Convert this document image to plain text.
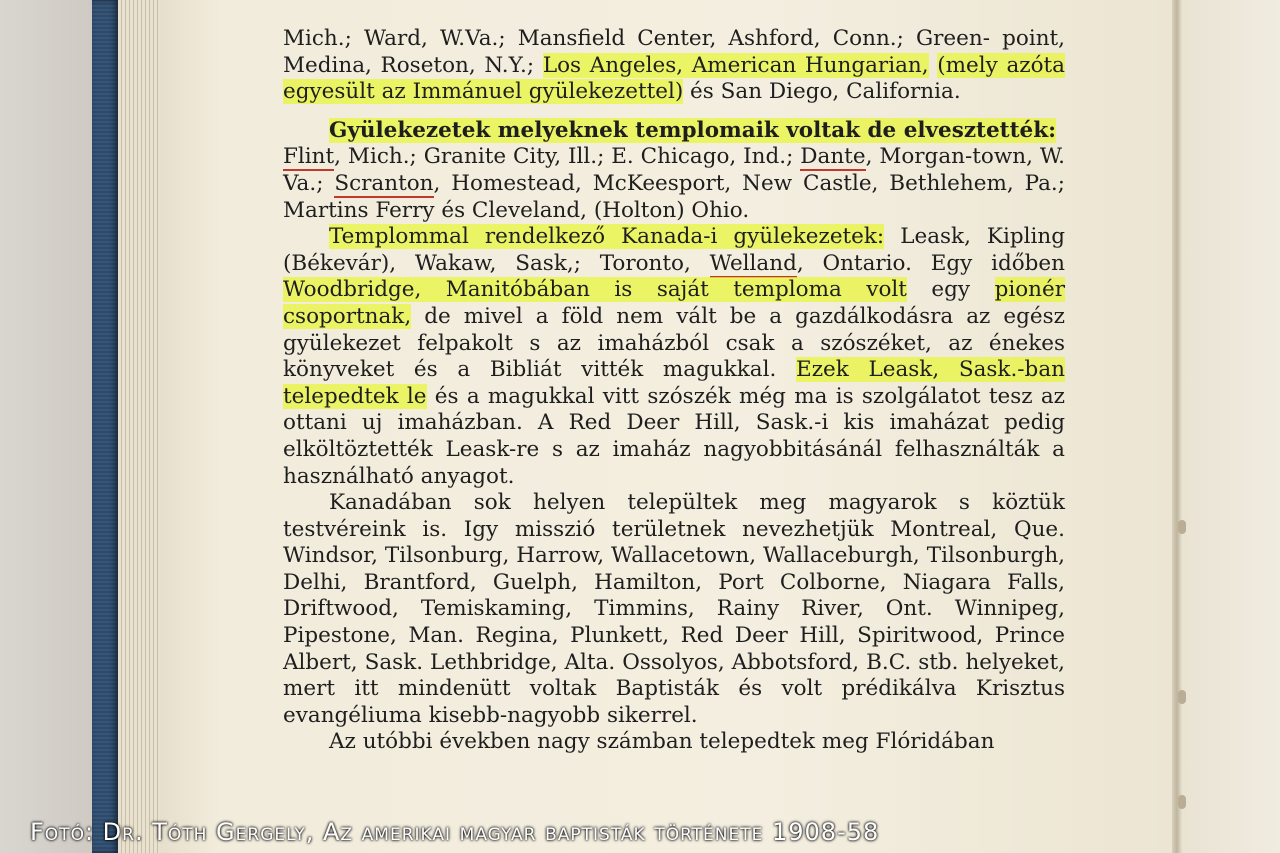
Mich.; Ward, W.Va.; Mansfield Center, Ashford, Conn.; Green- point, Medina, Roseton, N.Y.; Los Angeles, American Hungarian, (mely azóta egyesült az Immánuel gyülekezettel) és San Diego, California.

Gyülekezetek melyeknek templomaik voltak de elvesztették:

Flint, Mich.; Granite City, Ill.; E. Chicago, Ind.; Dante, Morgan-town, W. Va.; Scranton, Homestead, McKeesport, New Castle, Bethlehem, Pa.; Martins Ferry és Cleveland, (Holton) Ohio.

Templommal rendelkező Kanada-i gyülekezetek: Leask, Kipling (Békevár), Wakaw, Sask,; Toronto, Welland, Ontario. Egy időben Woodbridge, Manitóbában is saját temploma volt egy pionér csoportnak, de mivel a föld nem vált be a gazdálkodásra az egész gyülekezet felpakolt s az imaházból csak a szószéket, az énekes könyveket és a Bibliát vitték magukkal. Ezek Leask, Sask.-ban telepedtek le és a magukkal vitt szószék még ma is szolgálatot tesz az ottani uj imaházban. A Red Deer Hill, Sask.-i kis imaházat pedig elköltöztették Leask-re s az imaház nagyobbitásánál felhasználták a használható anyagot.

Kanadában sok helyen települtek meg magyarok s köztük testvéreink is. Igy misszió területnek nevezhetjük Montreal, Que. Windsor, Tilsonburg, Harrow, Wallacetown, Wallaceburgh, Tilsonburgh, Delhi, Brantford, Guelph, Hamilton, Port Colborne, Niagara Falls, Driftwood, Temiskaming, Timmins, Rainy River, Ont. Winnipeg, Pipestone, Man. Regina, Plunkett, Red Deer Hill, Spiritwood, Prince Albert, Sask. Lethbridge, Alta. Ossolyos, Abbotsford, B.C. stb. helyeket, mert itt mindenütt voltak Baptisták és volt prédikálva Krisztus evangéliuma kisebb-nagyobb sikerrel.

Az utóbbi években nagy számban telepedtek meg Flóridában

Fotó: Dr. Tóth Gergely, Az amerikai magyar baptisták története 1908-58
